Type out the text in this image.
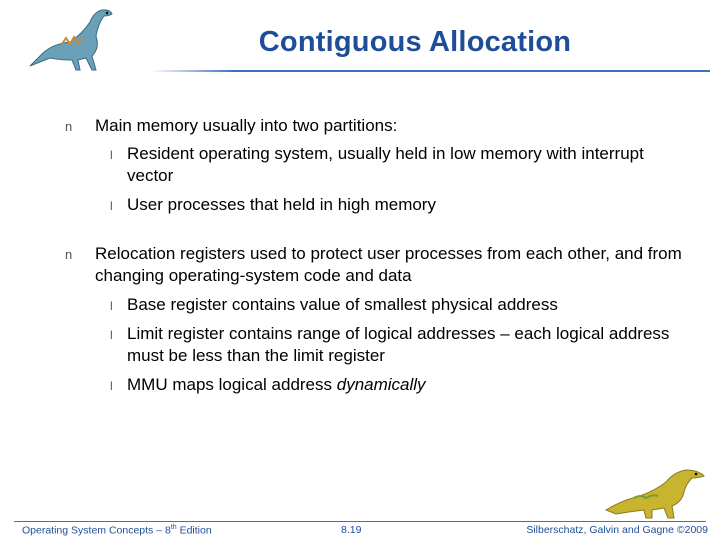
Contiguous Allocation
n Main memory usually into two partitions:
l Resident operating system, usually held in low memory with interrupt vector
l User processes that held in high memory
n Relocation registers used to protect user processes from each other, and from changing operating-system code and data
l Base register contains value of smallest physical address
l Limit register contains range of logical addresses – each logical address must be less than the limit register
l MMU maps logical address dynamically
Operating System Concepts – 8th Edition	8.19	Silberschatz, Galvin and Gagne ©2009
